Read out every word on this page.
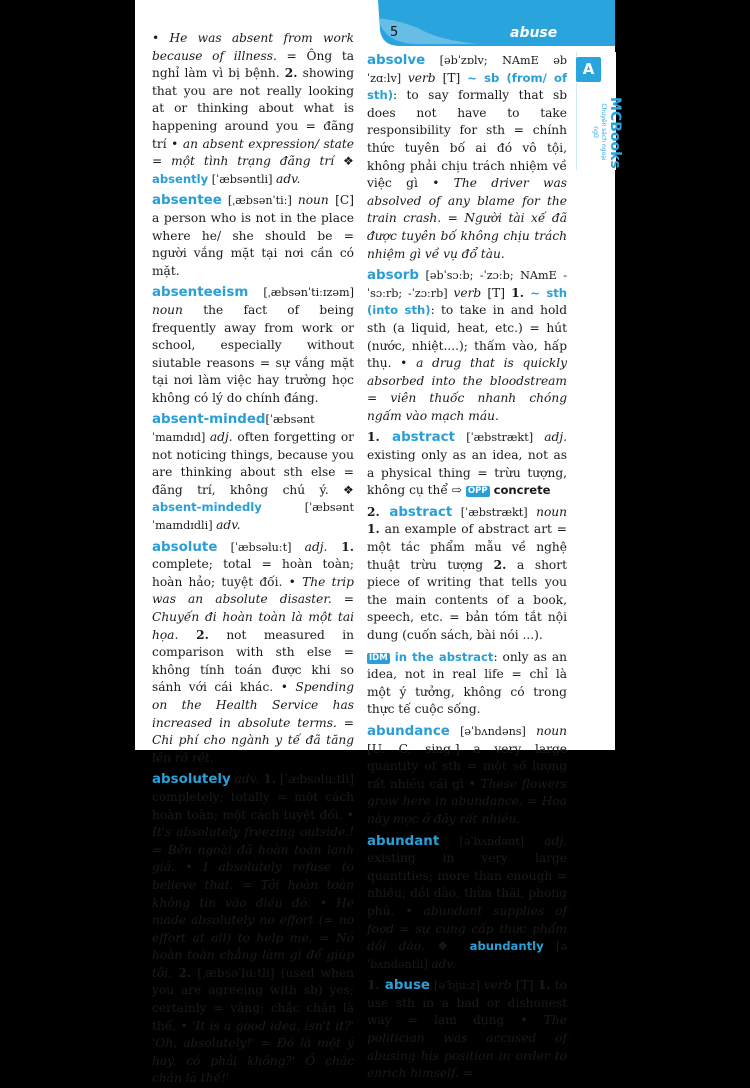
5	abuse
A
MCBooks
Chuyên sách ngoại ngữ

• He was absent from work because of illness. = Ông ta nghỉ làm vì bị bệnh. 2. showing that you are not really looking at or thinking about what is happening around you = đãng trí • an absent expression/ state = một tình trạng đãng trí ❖ absently [ˈæbsəntli] adv.

absentee [ˌæbsənˈtiː] noun [C] a person who is not in the place where he/ she should be = người vắng mặt tại nơi cần có mặt.

absenteeism [ˌæbsənˈtiːɪzəm] noun the fact of being frequently away from work or school, especially without siutable reasons = sự vắng mặt tại nơi làm việc hay trường học không có lý do chính đáng.

absent-minded[ˈæbsənt ˈmaɪndɪd] adj. often forgetting or not noticing things, because you are thinking about sth else = đãng trí, không chú ý. ❖ absent-mindedly [ˈæbsənt ˈmaɪndɪdli] adv.

absolute [ˈæbsəluːt] adj. 1. complete; total = hoàn toàn; hoàn hảo; tuyệt đối. • The trip was an absolute disaster. = Chuyến đi hoàn toàn là một tai họa. 2. not measured in comparison with sth else = không tính toán được khi so sánh với cái khác. • Spending on the Health Service has increased in absolute terms. = Chi phí cho ngành y tế đã tăng lên rõ rệt.

absolutely adv. 1. [ˈæbsəluːtli] completely; totally = một cách hoàn toàn; một cách tuyệt đối. • It's absolutely freezing outside.! = Bên ngoài đã hoàn toàn lạnh giá. • I absolutely refuse to believe that. = Tôi hoàn toàn không tin vào điều đó. • He made absolutely no effort (= no effort at all) to help me. = Nó hoàn toàn chẳng làm gì để giúp tôi. 2. [ˌæbsəˈluːtli] (used when you are agreeing with sb) yes; certainly = vâng; chắc chắn là thế. • 'It is a good idea, isn't it?' 'Oh, absolutely!' = Đó là một ý hay, có phải không?' Ồ chắc chắn là thế!'

absolve [əbˈzɒlv; NAmE əbˈzɑːlv] verb [T] ~ sb (from/ of sth): to say formally that sb does not have to take responsibility for sth = chính thức tuyên bố ai đó vô tội, không phải chịu trách nhiệm về việc gì • The driver was absolved of any blame for the train crash. = Người tài xế đã được tuyên bố không chịu trách nhiệm gì về vụ đổ tàu.

absorb [əbˈsɔːb; -ˈzɔːb; NAmE -ˈsɔːrb; -ˈzɔːrb] verb [T] 1. ~ sth (into sth): to take in and hold sth (a liquid, heat, etc.) = hút (nước, nhiệt....); thấm vào, hấp thụ. • a drug that is quickly absorbed into the bloodstream = viên thuốc nhanh chóng ngấm vào mạch máu.

1. abstract [ˈæbstrækt] adj. existing only as an idea, not as a physical thing = trừu tượng, không cụ thể ⇨ OPP concrete

2. abstract [ˈæbstrækt] noun 1. an example of abstract art = một tác phẩm mẫu về nghệ thuật trừu tượng 2. a short piece of writing that tells you the main contents of a book, speech, etc. = bản tóm tắt nội dung (cuốn sách, bài nói ...).

IDM in the abstract: only as an idea, not in real life = chỉ là một ý tưởng, không có trong thực tế cuộc sống.

abundance [əˈbʌndəns] noun [U. C, sing.] a very large quantity of sth = một số lượng rất nhiều cái gì • These flowers grow here in abundance. = Hoa này mọc ở đây rất nhiều.

abundant [əˈbʌndənt] adj. existing in very large quantities; more than enough = nhiều; dồi dào, thừa thãi, phong phú. • abundant supplies of food = sự cung cấp thực phẩm dồi dào. ❖ abundantly [əˈbʌndəntli] adv.

1. abuse [əˈbjuːz] verb [T] 1. to use sth in a bad or dishonest way = lạm dụng • The politician was accused of abusing his position in order to enrich himself. =
